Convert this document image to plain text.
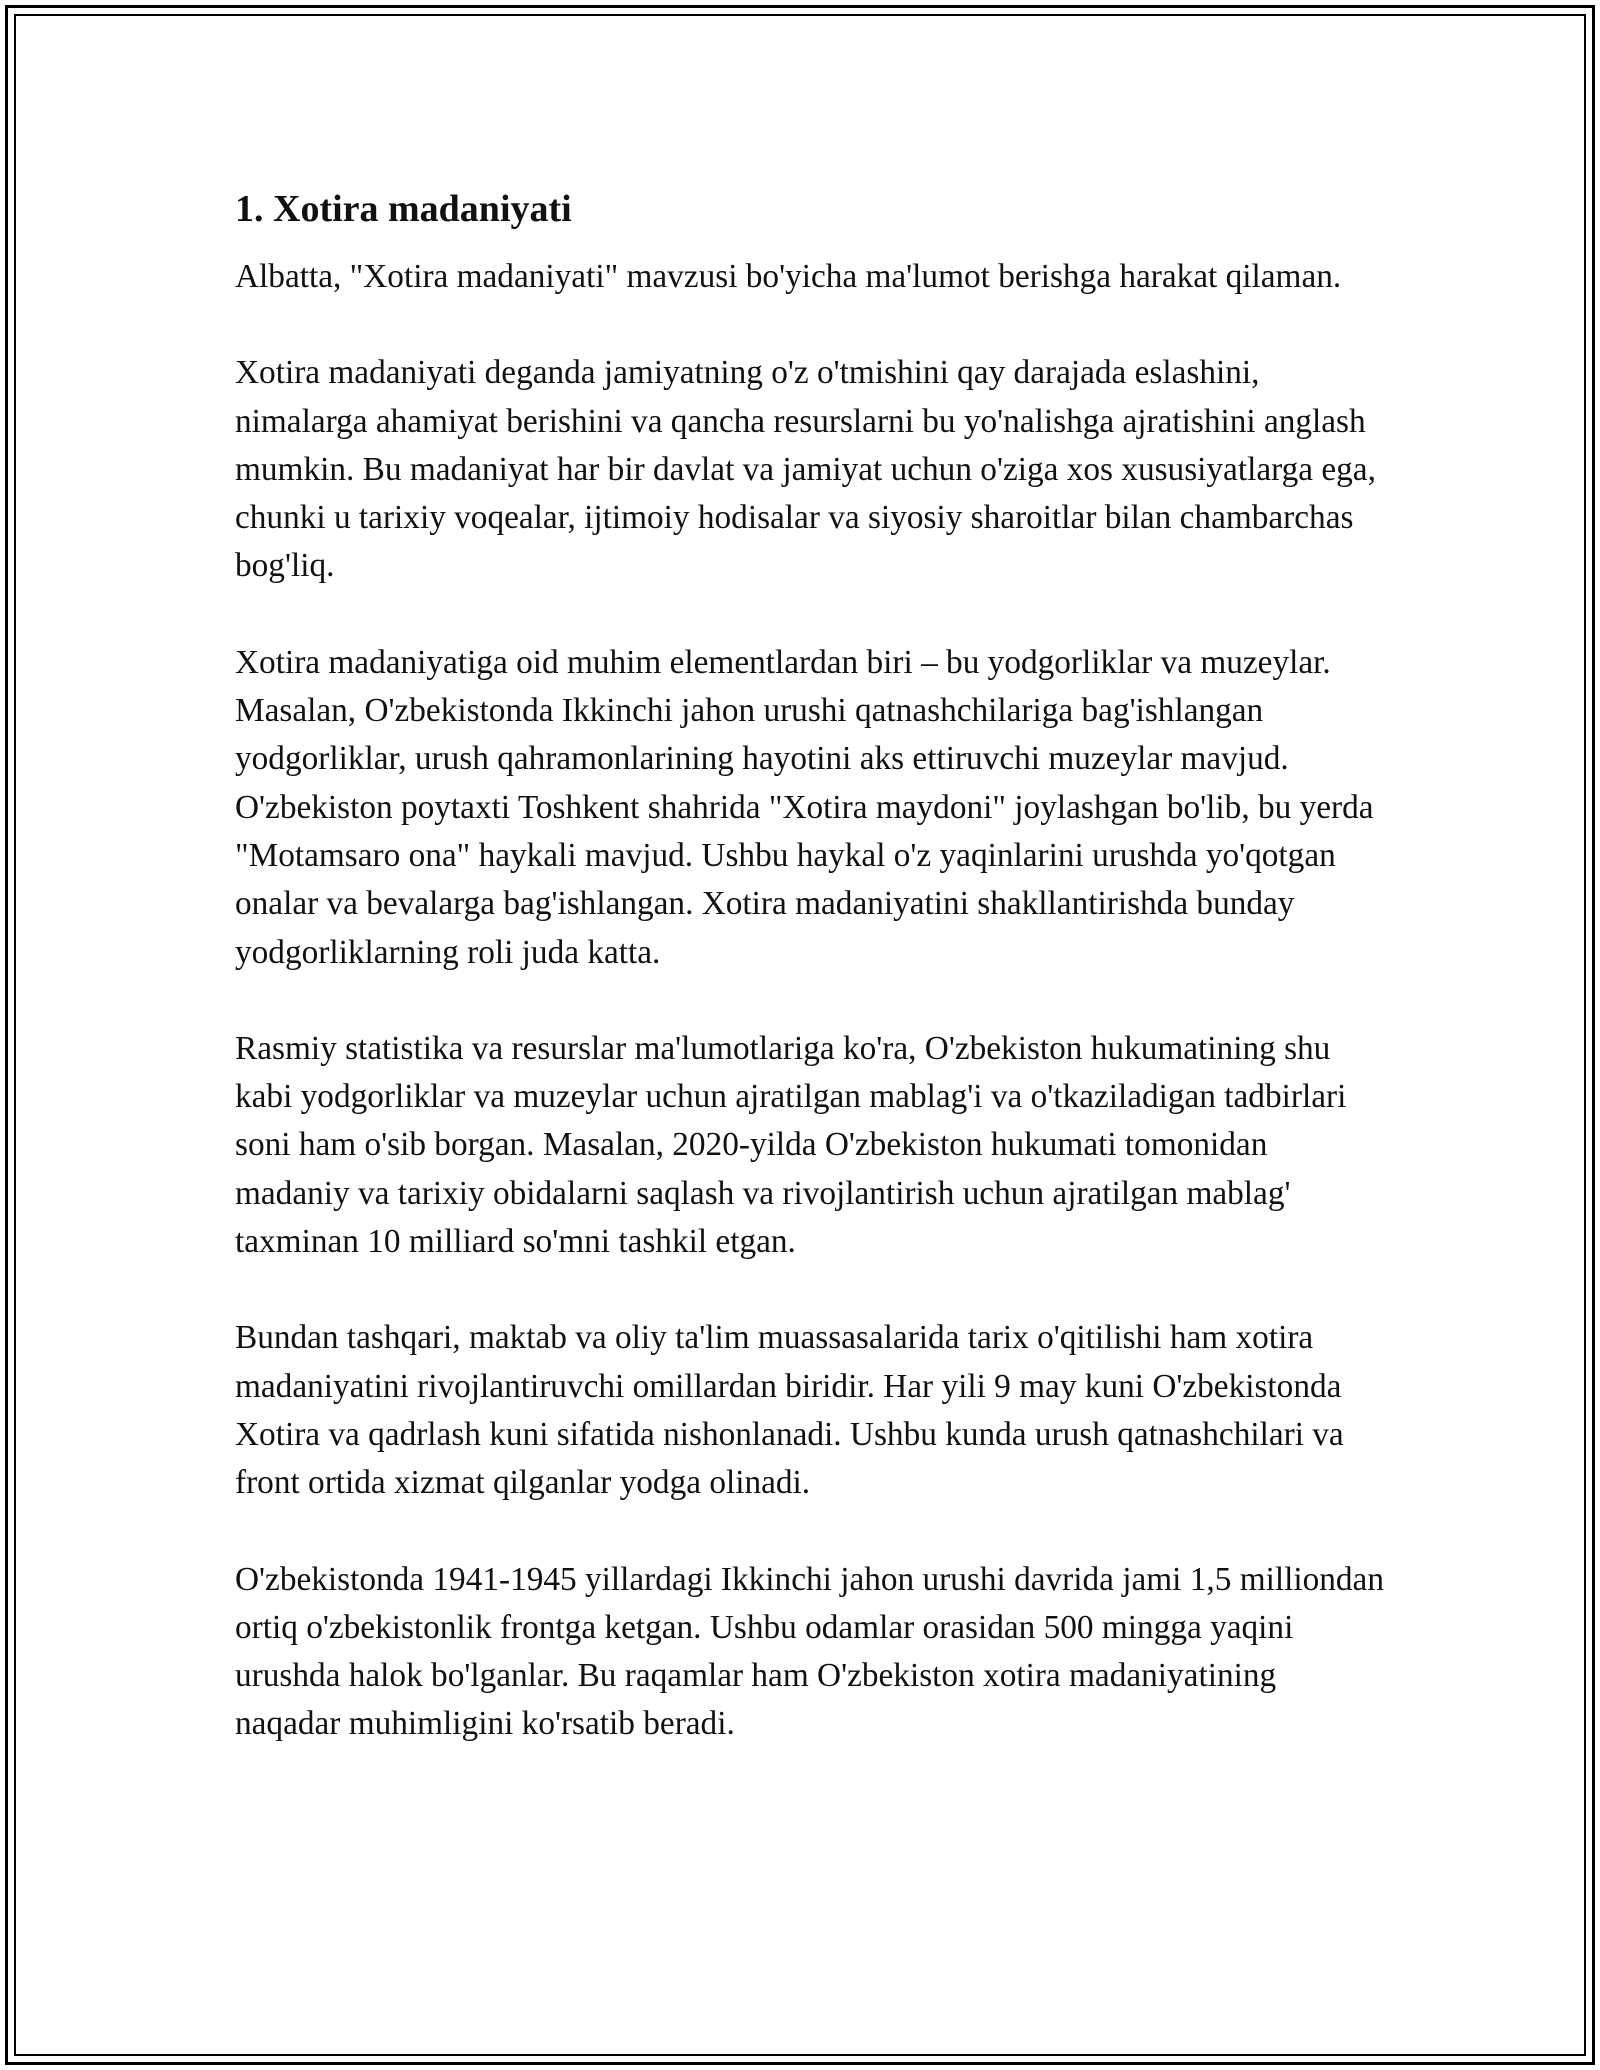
1. Xotira madaniyati

Albatta, "Xotira madaniyati" mavzusi bo'yicha ma'lumot berishga harakat qilaman.

Xotira madaniyati deganda jamiyatning o'z o'tmishini qay darajada eslashini, nimalarga ahamiyat berishini va qancha resurslarni bu yo'nalishga ajratishini anglash mumkin. Bu madaniyat har bir davlat va jamiyat uchun o'ziga xos xususiyatlarga ega, chunki u tarixiy voqealar, ijtimoiy hodisalar va siyosiy sharoitlar bilan chambarchas bog'liq.

Xotira madaniyatiga oid muhim elementlardan biri – bu yodgorliklar va muzeylar. Masalan, O'zbekistonda Ikkinchi jahon urushi qatnashchilariga bag'ishlangan yodgorliklar, urush qahramonlarining hayotini aks ettiruvchi muzeylar mavjud. O'zbekiston poytaxti Toshkent shahrida "Xotira maydoni" joylashgan bo'lib, bu yerda "Motamsaro ona" haykali mavjud. Ushbu haykal o'z yaqinlarini urushda yo'qotgan onalar va bevalarga bag'ishlangan. Xotira madaniyatini shakllantirishda bunday yodgorliklarning roli juda katta.

Rasmiy statistika va resurslar ma'lumotlariga ko'ra, O'zbekiston hukumatining shu kabi yodgorliklar va muzeylar uchun ajratilgan mablag'i va o'tkaziladigan tadbirlari soni ham o'sib borgan. Masalan, 2020-yilda O'zbekiston hukumati tomonidan madaniy va tarixiy obidalarni saqlash va rivojlantirish uchun ajratilgan mablag' taxminan 10 milliard so'mni tashkil etgan.

Bundan tashqari, maktab va oliy ta'lim muassasalarida tarix o'qitilishi ham xotira madaniyatini rivojlantiruvchi omillardan biridir. Har yili 9 may kuni O'zbekistonda Xotira va qadrlash kuni sifatida nishonlanadi. Ushbu kunda urush qatnashchilari va front ortida xizmat qilganlar yodga olinadi.

O'zbekistonda 1941-1945 yillardagi Ikkinchi jahon urushi davrida jami 1,5 milliondan ortiq o'zbekistonlik frontga ketgan. Ushbu odamlar orasidan 500 mingga yaqini urushda halok bo'lganlar. Bu raqamlar ham O'zbekiston xotira madaniyatining naqadar muhimligini ko'rsatib beradi.
